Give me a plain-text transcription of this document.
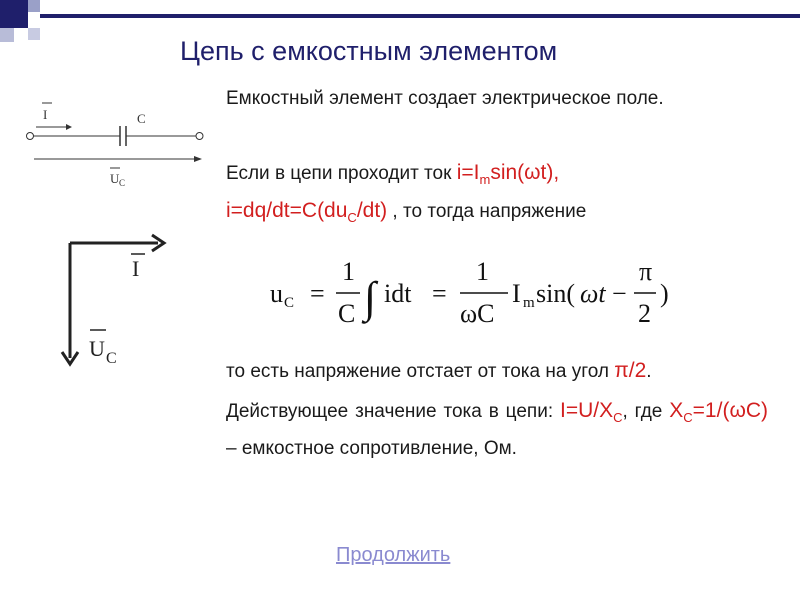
Цепь с емкостным элементом
I	C
U C
I
U C
Емкостный элемент создает электрическое поле.
Если в цепи проходит ток $i=I_m\sin(\omega t)$,
$i=dq/dt=C(du_C/dt)$ , то тогда напряжение
u C =
1
C ∫ idt =
1
ωC
I m sin( ωt −
π
2
)
то есть напряжение отстает от тока на угол π/2.
Действующее значение тока в цепи: $I=U/X_C$, где $X_C=1/(\omega C)$ – емкостное сопротивление, Ом.
Продолжить
